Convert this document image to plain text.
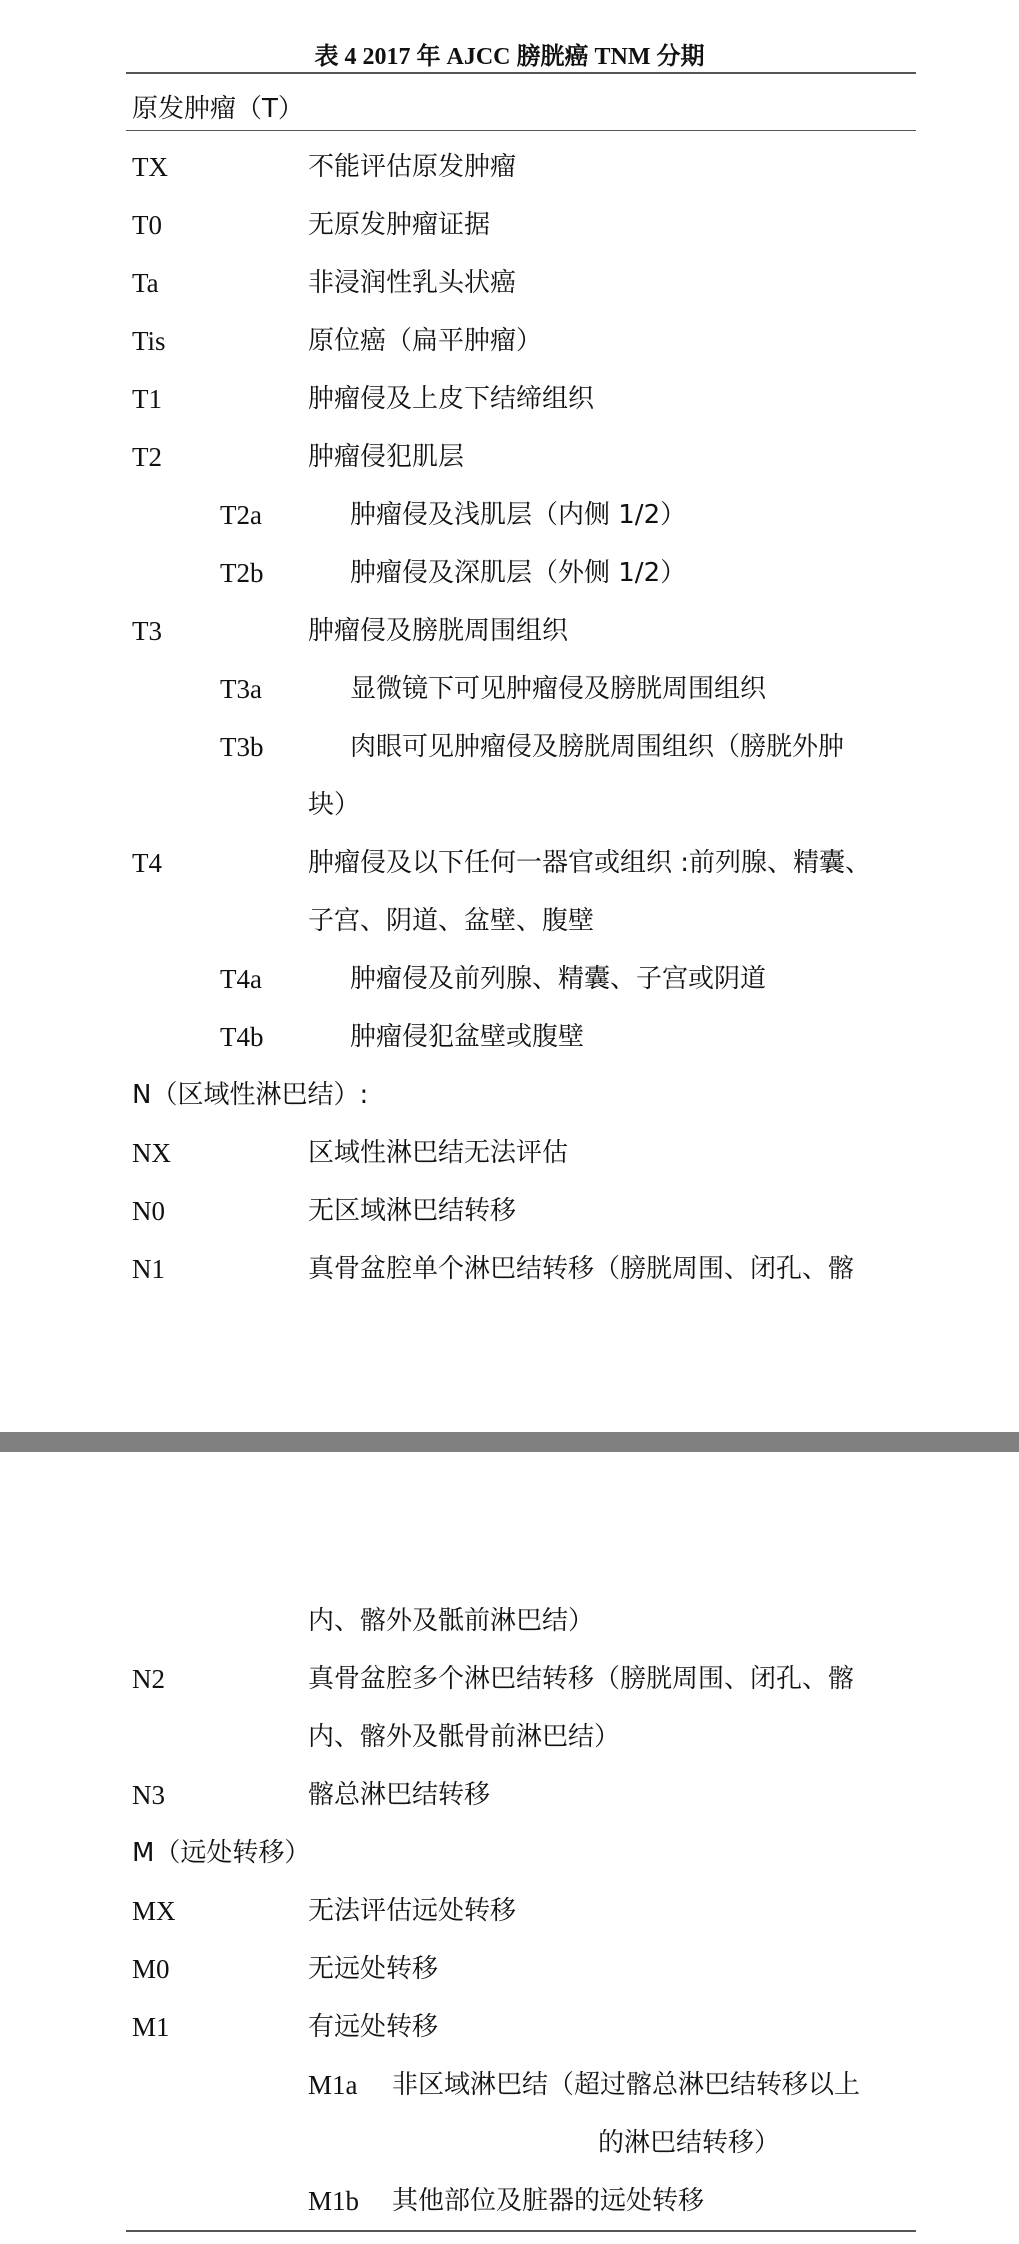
表 4 2017 年 AJCC 膀胱癌 TNM 分期
原发肿瘤（T）
TX	不能评估原发肿瘤
T0	无原发肿瘤证据
Ta	非浸润性乳头状癌
Tis	原位癌（扁平肿瘤）
T1	肿瘤侵及上皮下结缔组织
T2	肿瘤侵犯肌层
T2a	肿瘤侵及浅肌层（内侧 1/2）
T2b	肿瘤侵及深肌层（外侧 1/2）
T3	肿瘤侵及膀胱周围组织
T3a	显微镜下可见肿瘤侵及膀胱周围组织
T3b	肉眼可见肿瘤侵及膀胱周围组织（膀胱外肿
块）
T4	肿瘤侵及以下任何一器官或组织 :前列腺、精囊、
子宫、阴道、盆壁、腹壁
T4a	肿瘤侵及前列腺、精囊、子宫或阴道
T4b	肿瘤侵犯盆壁或腹壁
N（区域性淋巴结）:
NX	区域性淋巴结无法评估
N0	无区域淋巴结转移
N1	真骨盆腔单个淋巴结转移（膀胱周围、闭孔、髂
内、髂外及骶前淋巴结）
N2	真骨盆腔多个淋巴结转移（膀胱周围、闭孔、髂
内、髂外及骶骨前淋巴结）
N3	髂总淋巴结转移
M（远处转移）
MX	无法评估远处转移
M0	无远处转移
M1	有远处转移
M1a 非区域淋巴结（超过髂总淋巴结转移以上
的淋巴结转移）
M1b 其他部位及脏器的远处转移
